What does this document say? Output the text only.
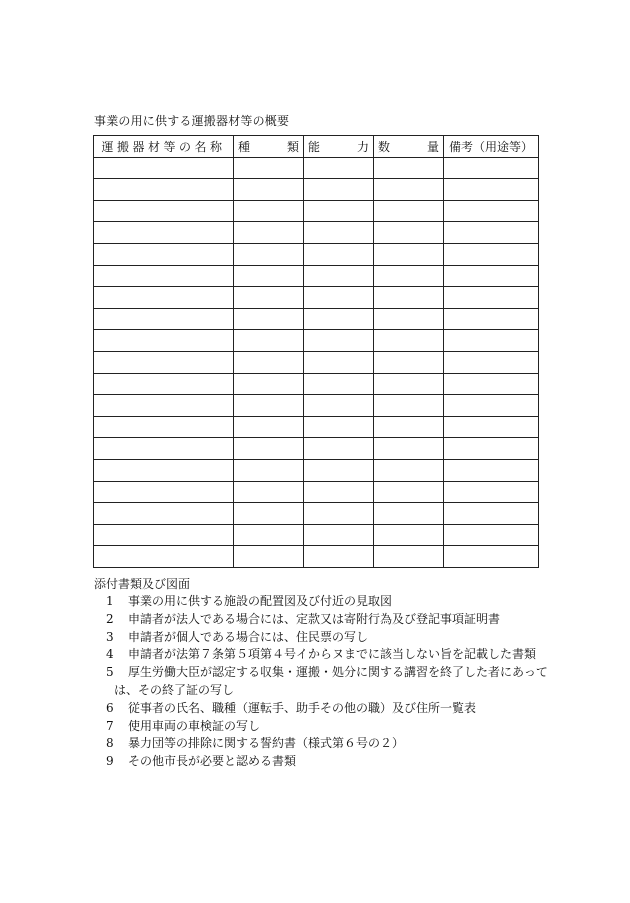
事業の用に供する運搬器材等の概要
運搬器材等の名称	種 類	能 力	数 量	備考（用途等）

添付書類及び図面
1	事業の用に供する施設の配置図及び付近の見取図
2	申請者が法人である場合には、定款又は寄附行為及び登記事項証明書
3	申請者が個人である場合には、住民票の写し
4	申請者が法第７条第５項第４号イからヌまでに該当しない旨を記載した書類
5	厚生労働大臣が認定する収集・運搬・処分に関する講習を終了した者にあって
は、その終了証の写し
6	従事者の氏名、職種（運転手、助手その他の職）及び住所一覧表
7	使用車両の車検証の写し
8	暴力団等の排除に関する誓約書（様式第６号の２）
9	その他市長が必要と認める書類
